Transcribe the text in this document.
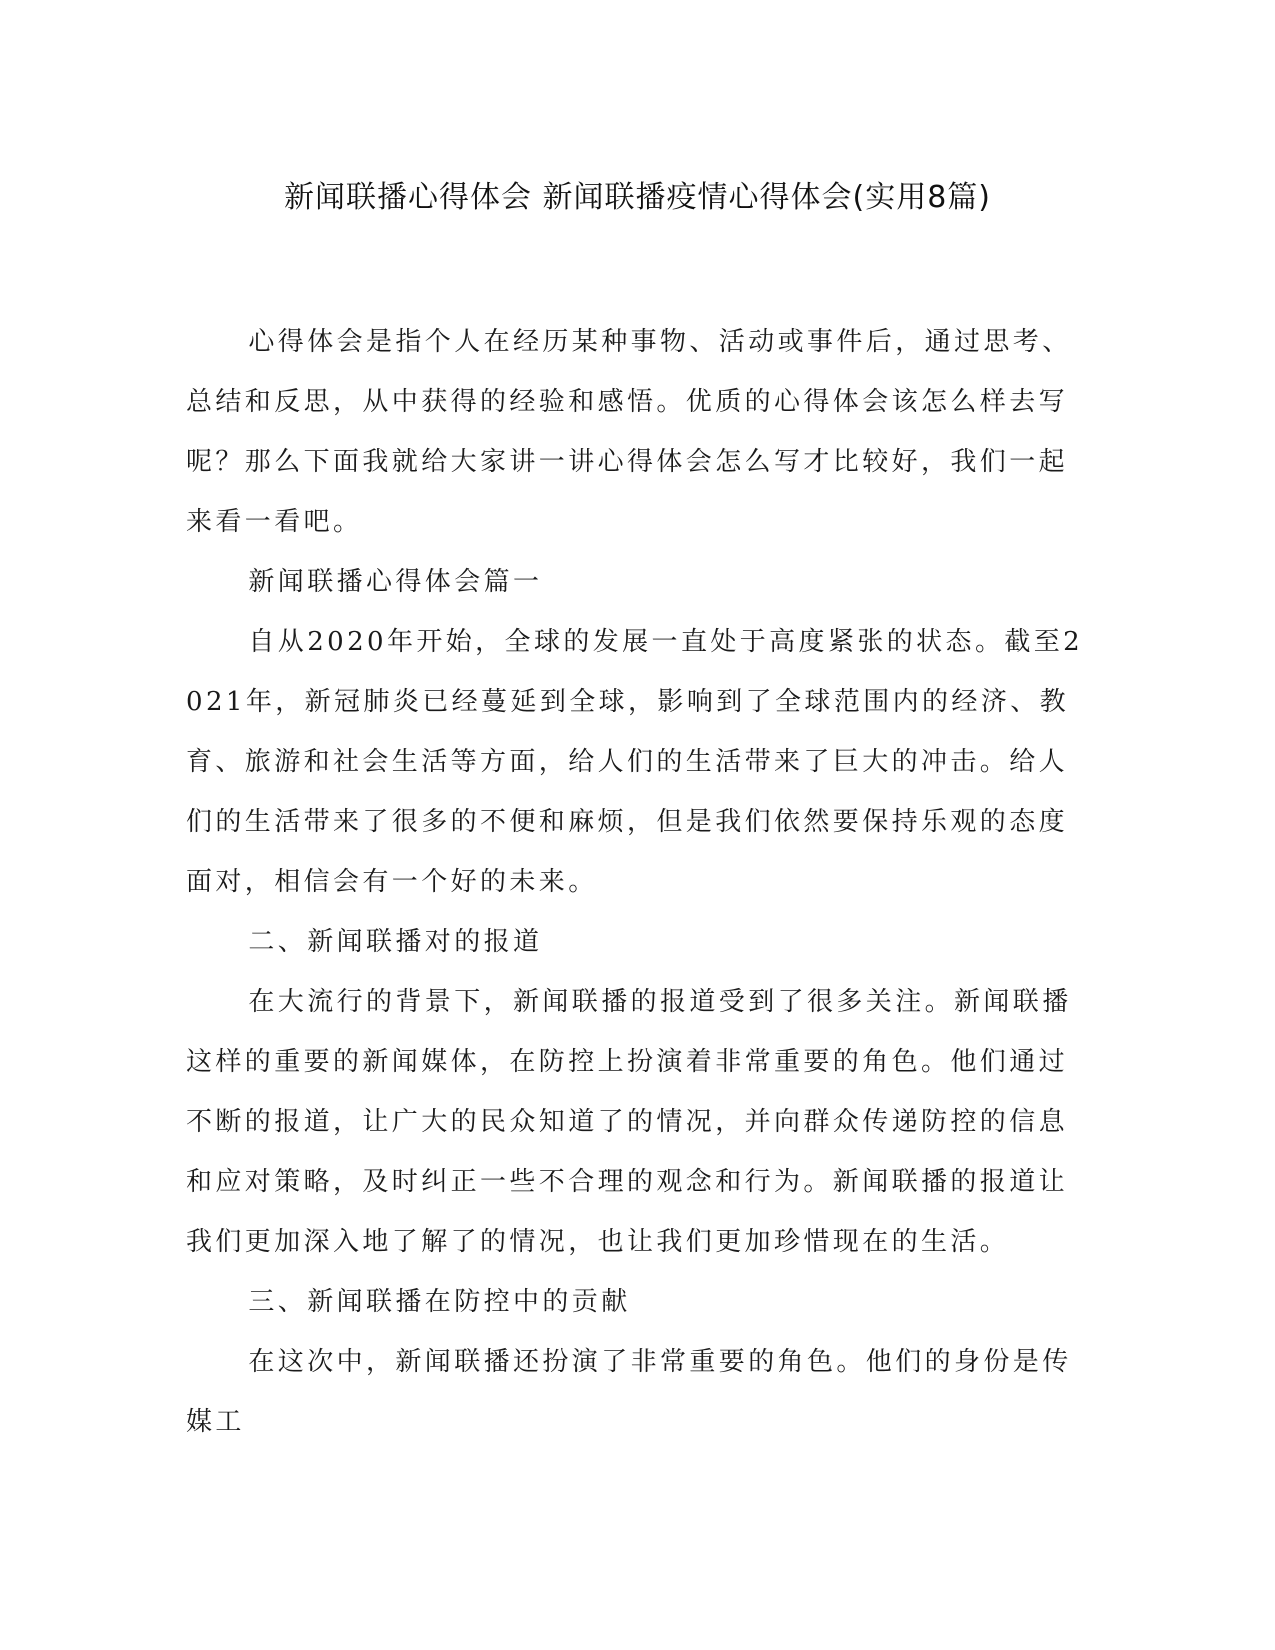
新闻联播心得体会 新闻联播疫情心得体会(实用8篇)

心得体会是指个人在经历某种事物、活动或事件后，通过思考、总结和反思，从中获得的经验和感悟。优质的心得体会该怎么样去写呢？那么下面我就给大家讲一讲心得体会怎么写才比较好，我们一起来看一看吧。

新闻联播心得体会篇一

自从2020年开始，全球的发展一直处于高度紧张的状态。截至2021年，新冠肺炎已经蔓延到全球，影响到了全球范围内的经济、教育、旅游和社会生活等方面，给人们的生活带来了巨大的冲击。给人们的生活带来了很多的不便和麻烦，但是我们依然要保持乐观的态度面对，相信会有一个好的未来。

二、新闻联播对的报道

在大流行的背景下，新闻联播的报道受到了很多关注。新闻联播这样的重要的新闻媒体，在防控上扮演着非常重要的角色。他们通过不断的报道，让广大的民众知道了的情况，并向群众传递防控的信息和应对策略，及时纠正一些不合理的观念和行为。新闻联播的报道让我们更加深入地了解了的情况，也让我们更加珍惜现在的生活。

三、新闻联播在防控中的贡献

在这次中，新闻联播还扮演了非常重要的角色。他们的身份是传媒工
